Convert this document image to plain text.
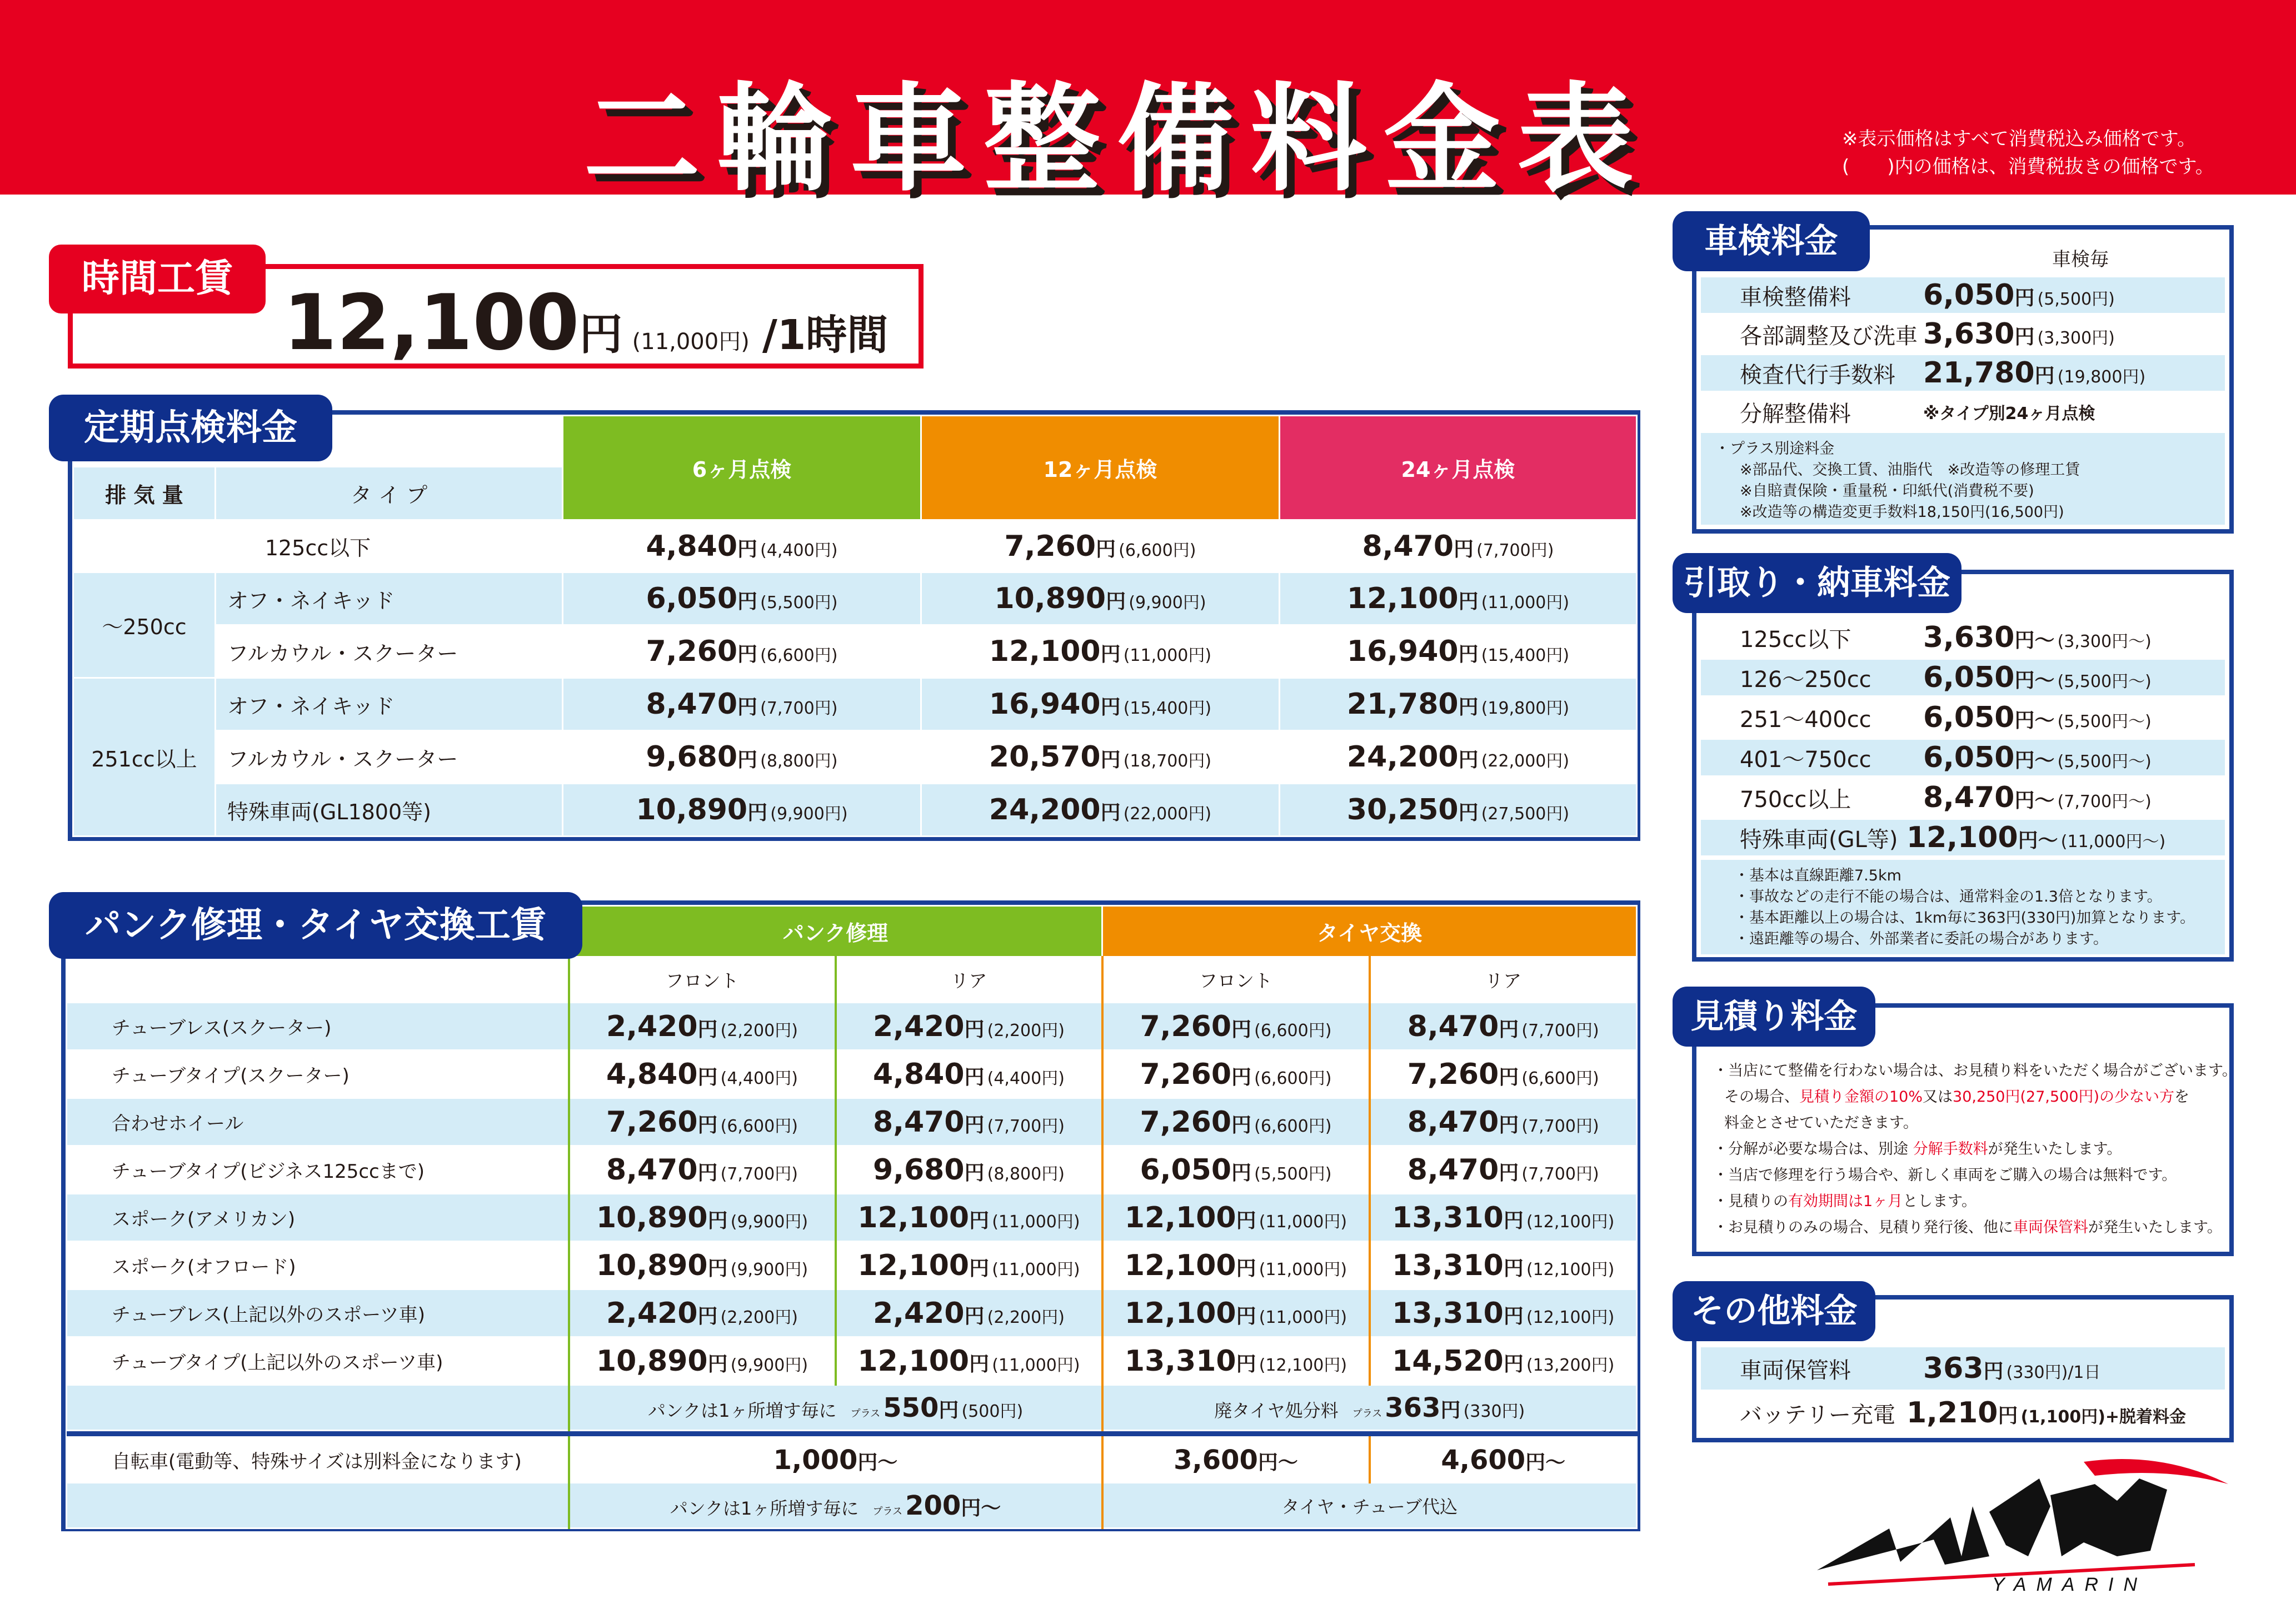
二輪車整備料金表	※表示価格はすべて消費税込み価格です。
(　　)内の価格は、消費税抜きの価格です。
時間工賃 12,100円 (11,000円) /1時間
定期点検料金
		6ヶ月点検	12ヶ月点検	24ヶ月点検
排 気 量	タ イ プ			
125cc以下		4,840円 (4,400円)	7,260円 (6,600円)	8,470円 (7,700円)
～250cc	オフ・ネイキッド	6,050円 (5,500円)	10,890円 (9,900円)	12,100円 (11,000円)
	フルカウル・スクーター	7,260円 (6,600円)	12,100円 (11,000円)	16,940円 (15,400円)
251cc以上	オフ・ネイキッド	8,470円 (7,700円)	16,940円 (15,400円)	21,780円 (19,800円)
	フルカウル・スクーター	9,680円 (8,800円)	20,570円 (18,700円)	24,200円 (22,000円)
	特殊車両(GL1800等)	10,890円 (9,900円)	24,200円 (22,000円)	30,250円 (27,500円)
パンク修理・タイヤ交換工賃
		パンク修理		タイヤ交換	
	フロント	リア	フロント	リア
チューブレス(スクーター)	2,420円 (2,200円)	2,420円 (2,200円)	7,260円 (6,600円)	8,470円 (7,700円)
チューブタイプ(スクーター)	4,840円 (4,400円)	4,840円 (4,400円)	7,260円 (6,600円)	7,260円 (6,600円)
合わせホイール	7,260円 (6,600円)	8,470円 (7,700円)	7,260円 (6,600円)	8,470円 (7,700円)
チューブタイプ(ビジネス125ccまで)	8,470円 (7,700円)	9,680円 (8,800円)	6,050円 (5,500円)	8,470円 (7,700円)
スポーク(アメリカン)	10,890円 (9,900円)	12,100円 (11,000円)	12,100円 (11,000円)	13,310円 (12,100円)
スポーク(オフロード)	10,890円 (9,900円)	12,100円 (11,000円)	12,100円 (11,000円)	13,310円 (12,100円)
チューブレス(上記以外のスポーツ車)	2,420円 (2,200円)	2,420円 (2,200円)	12,100円 (11,000円)	13,310円 (12,100円)
チューブタイプ(上記以外のスポーツ車)	10,890円 (9,900円)	12,100円 (11,000円)	13,310円 (12,100円)	14,520円 (13,200円)
	パンクは1ヶ所増す毎に プラス 550円 (500円)		廃タイヤ処分料 プラス 363円 (330円)	

自転車(電動等、特殊サイズは別料金になります)	1,000円～		3,600円～	4,600円～
	パンクは1ヶ所増す毎に プラス 200円～		タイヤ・チューブ代込	
車検毎
車検整備料	6,050円 (5,500円)
各部調整及び洗車 3,630円 (3,300円)
検査代行手数料 21,780円 (19,800円)
分解整備料	※タイプ別24ヶ月点検
・プラス別途料金
※部品代、交換工賃、油脂代　※改造等の修理工賃
※自賠責保険・重量税・印紙代(消費税不要)
※改造等の構造変更手数料18,150円(16,500円)
車検料金
125cc以下	3,630円～ (3,300円～)
126～250cc	6,050円～ (5,500円～)
251～400cc	6,050円～ (5,500円～)
401～750cc	6,050円～ (5,500円～)
750cc以上	8,470円～ (7,700円～)
特殊車両(GL等) 12,100円～ (11,000円～)
・基本は直線距離7.5km
・事故などの走行不能の場合は、通常料金の1.3倍となります。
・基本距離以上の場合は、1km毎に363円(330円)加算となります。
・遠距離等の場合、外部業者に委託の場合があります。
引取り・納車料金
・当店にて整備を行わない場合は、お見積り料をいただく場合がございます。
その場合、見積り金額の10%又は30,250円(27,500円)の少ない方を
料金とさせていただきます。
・分解が必要な場合は、別途 分解手数料が発生いたします。
・当店で修理を行う場合や、新しく車両をご購入の場合は無料です。
・見積りの有効期間は1ヶ月とします。
・お見積りのみの場合、見積り発行後、他に車両保管料が発生いたします。
見積り料金
車両保管料	363円 (330円)/1日
バッテリー充電 1,210円 (1,100円)+脱着料金
その他料金
YAMARIN
